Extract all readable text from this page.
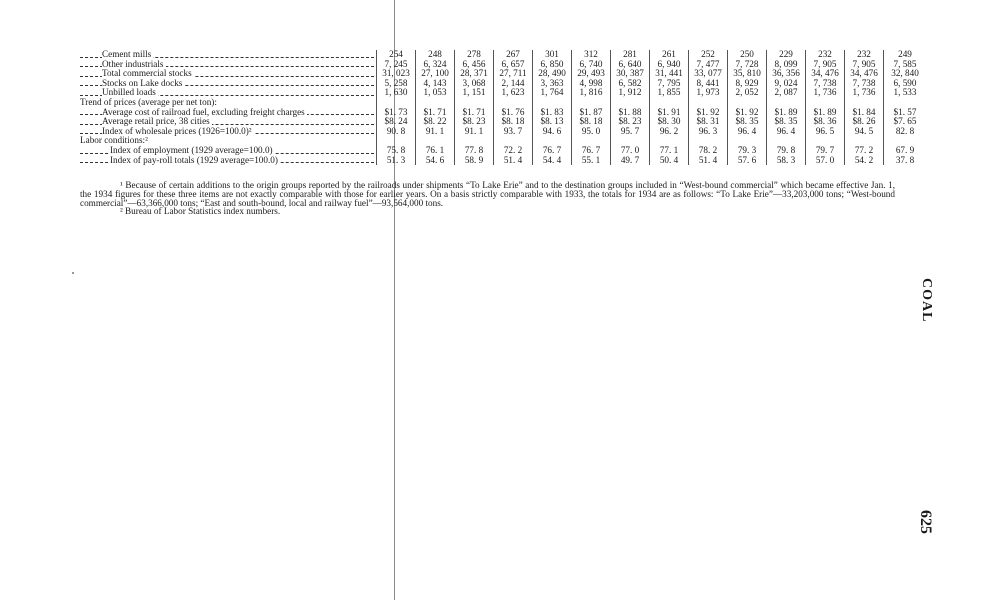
Cement mills	254	248	278	267	301	312	281	261	252	250	229	232	232	249
Other industrials	7, 245	6, 324	6, 456	6, 657	6, 850	6, 740	6, 640	6, 940	7, 477	7, 728	8, 099	7, 905	7, 905	7, 585
Total commercial stocks	31, 023	27, 100	28, 371	27, 711	28, 490	29, 493	30, 387	31, 441	33, 077	35, 810	36, 356	34, 476	34, 476	32, 840
Stocks on Lake docks	5, 258	4, 143	3, 068	2, 144	3, 363	4, 998	6, 582	7, 795	8, 441	8, 929	9, 024	7, 738	7, 738	6, 590
Unbilled loads	1, 630	1, 053	1, 151	1, 623	1, 764	1, 816	1, 912	1, 855	1, 973	2, 052	2, 087	1, 736	1, 736	1, 533
Trend of prices (average per net ton):														
Average cost of railroad fuel, excluding freight charges	$1. 73	$1. 71	$1. 71	$1. 76	$1. 83	$1. 87	$1. 88	$1. 91	$1. 92	$1. 92	$1. 89	$1. 89	$1. 84	$1. 57
Average retail price, 38 cities	$8. 24	$8. 22	$8. 23	$8. 18	$8. 13	$8. 18	$8. 23	$8. 30	$8. 31	$8. 35	$8. 35	$8. 36	$8. 26	$7. 65
Index of wholesale prices (1926=100.0)²	90. 8	91. 1	91. 1	93. 7	94. 6	95. 0	95. 7	96. 2	96. 3	96. 4	96. 4	96. 5	94. 5	82. 8
Labor conditions:²														
Index of employment (1929 average=100.0)	75. 8	76. 1	77. 8	72. 2	76. 7	76. 7	77. 0	77. 1	78. 2	79. 3	79. 8	79. 7	77. 2	67. 9
Index of pay-roll totals (1929 average=100.0)	51. 3	54. 6	58. 9	51. 4	54. 4	55. 1	49. 7	50. 4	51. 4	57. 6	58. 3	57. 0	54. 2	37. 8

¹ Because of certain additions to the origin groups reported by the railroads under shipments “To Lake Erie” and to the destination groups included in “West-bound commercial” which became effective Jan. 1, the 1934 figures for these three items are not exactly comparable with those for earlier years. On a basis strictly comparable with 1933, the totals for 1934 are as follows: “To Lake Erie”—33,203,000 tons; “West-bound commercial”—63,366,000 tons; “East and south-bound, local and railway fuel”—93,564,000 tons.

² Bureau of Labor Statistics index numbers.

COAL
625
